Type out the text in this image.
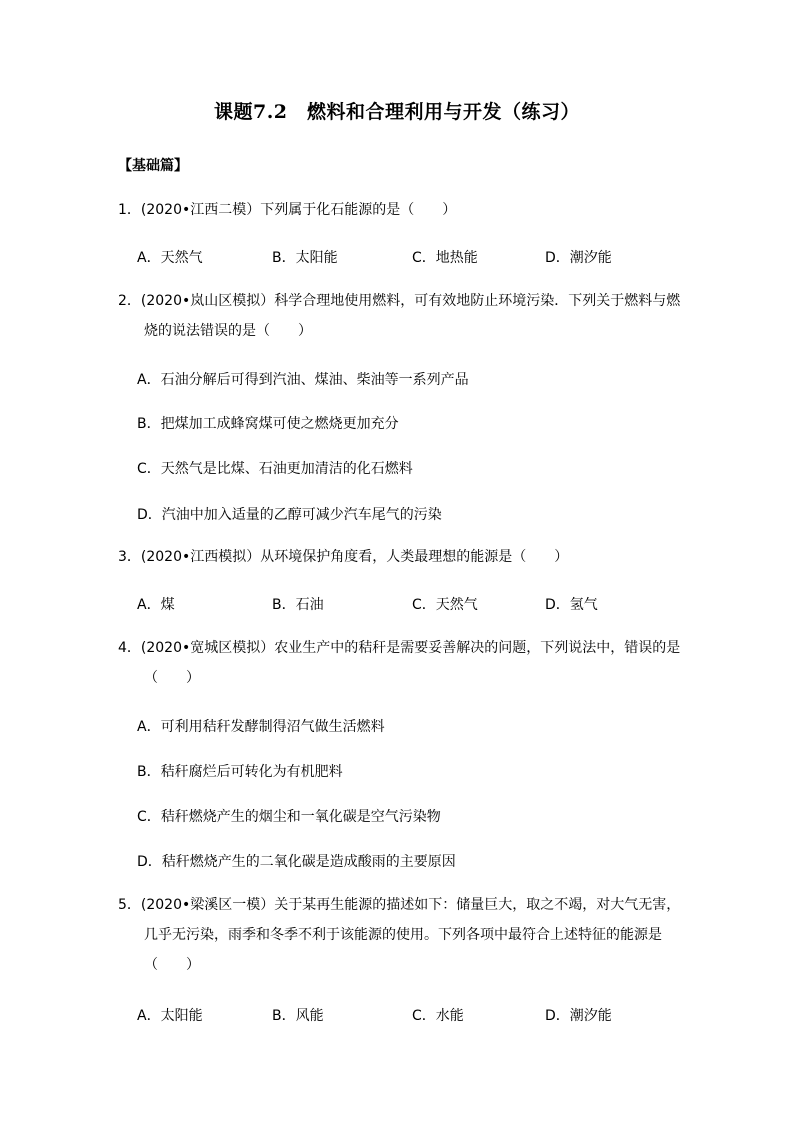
课题7.2　燃料和合理利用与开发（练习）
【基础篇】
1．(2020•江西二模）下列属于化石能源的是（　　）
A．天然气	B．太阳能	C．地热能	D．潮汐能
2．(2020•岚山区模拟）科学合理地使用燃料，可有效地防止环境污染．下列关于燃料与燃
烧的说法错误的是（　　）
A．石油分解后可得到汽油、煤油、柴油等一系列产品
B．把煤加工成蜂窝煤可使之燃烧更加充分
C．天然气是比煤、石油更加清洁的化石燃料
D．汽油中加入适量的乙醇可减少汽车尾气的污染
3．(2020•江西模拟）从环境保护角度看，人类最理想的能源是（　　）
A．煤	B．石油	C．天然气	D．氢气
4．(2020•宽城区模拟）农业生产中的秸秆是需要妥善解决的问题，下列说法中，错误的是
（　　）
A．可利用秸秆发酵制得沼气做生活燃料
B．秸秆腐烂后可转化为有机肥料
C．秸秆燃烧产生的烟尘和一氧化碳是空气污染物
D．秸秆燃烧产生的二氧化碳是造成酸雨的主要原因
5．(2020•梁溪区一模）关于某再生能源的描述如下：储量巨大，取之不竭，对大气无害，
几乎无污染，雨季和冬季不利于该能源的使用。下列各项中最符合上述特征的能源是
（　　）
A．太阳能	B．风能	C．水能	D．潮汐能
